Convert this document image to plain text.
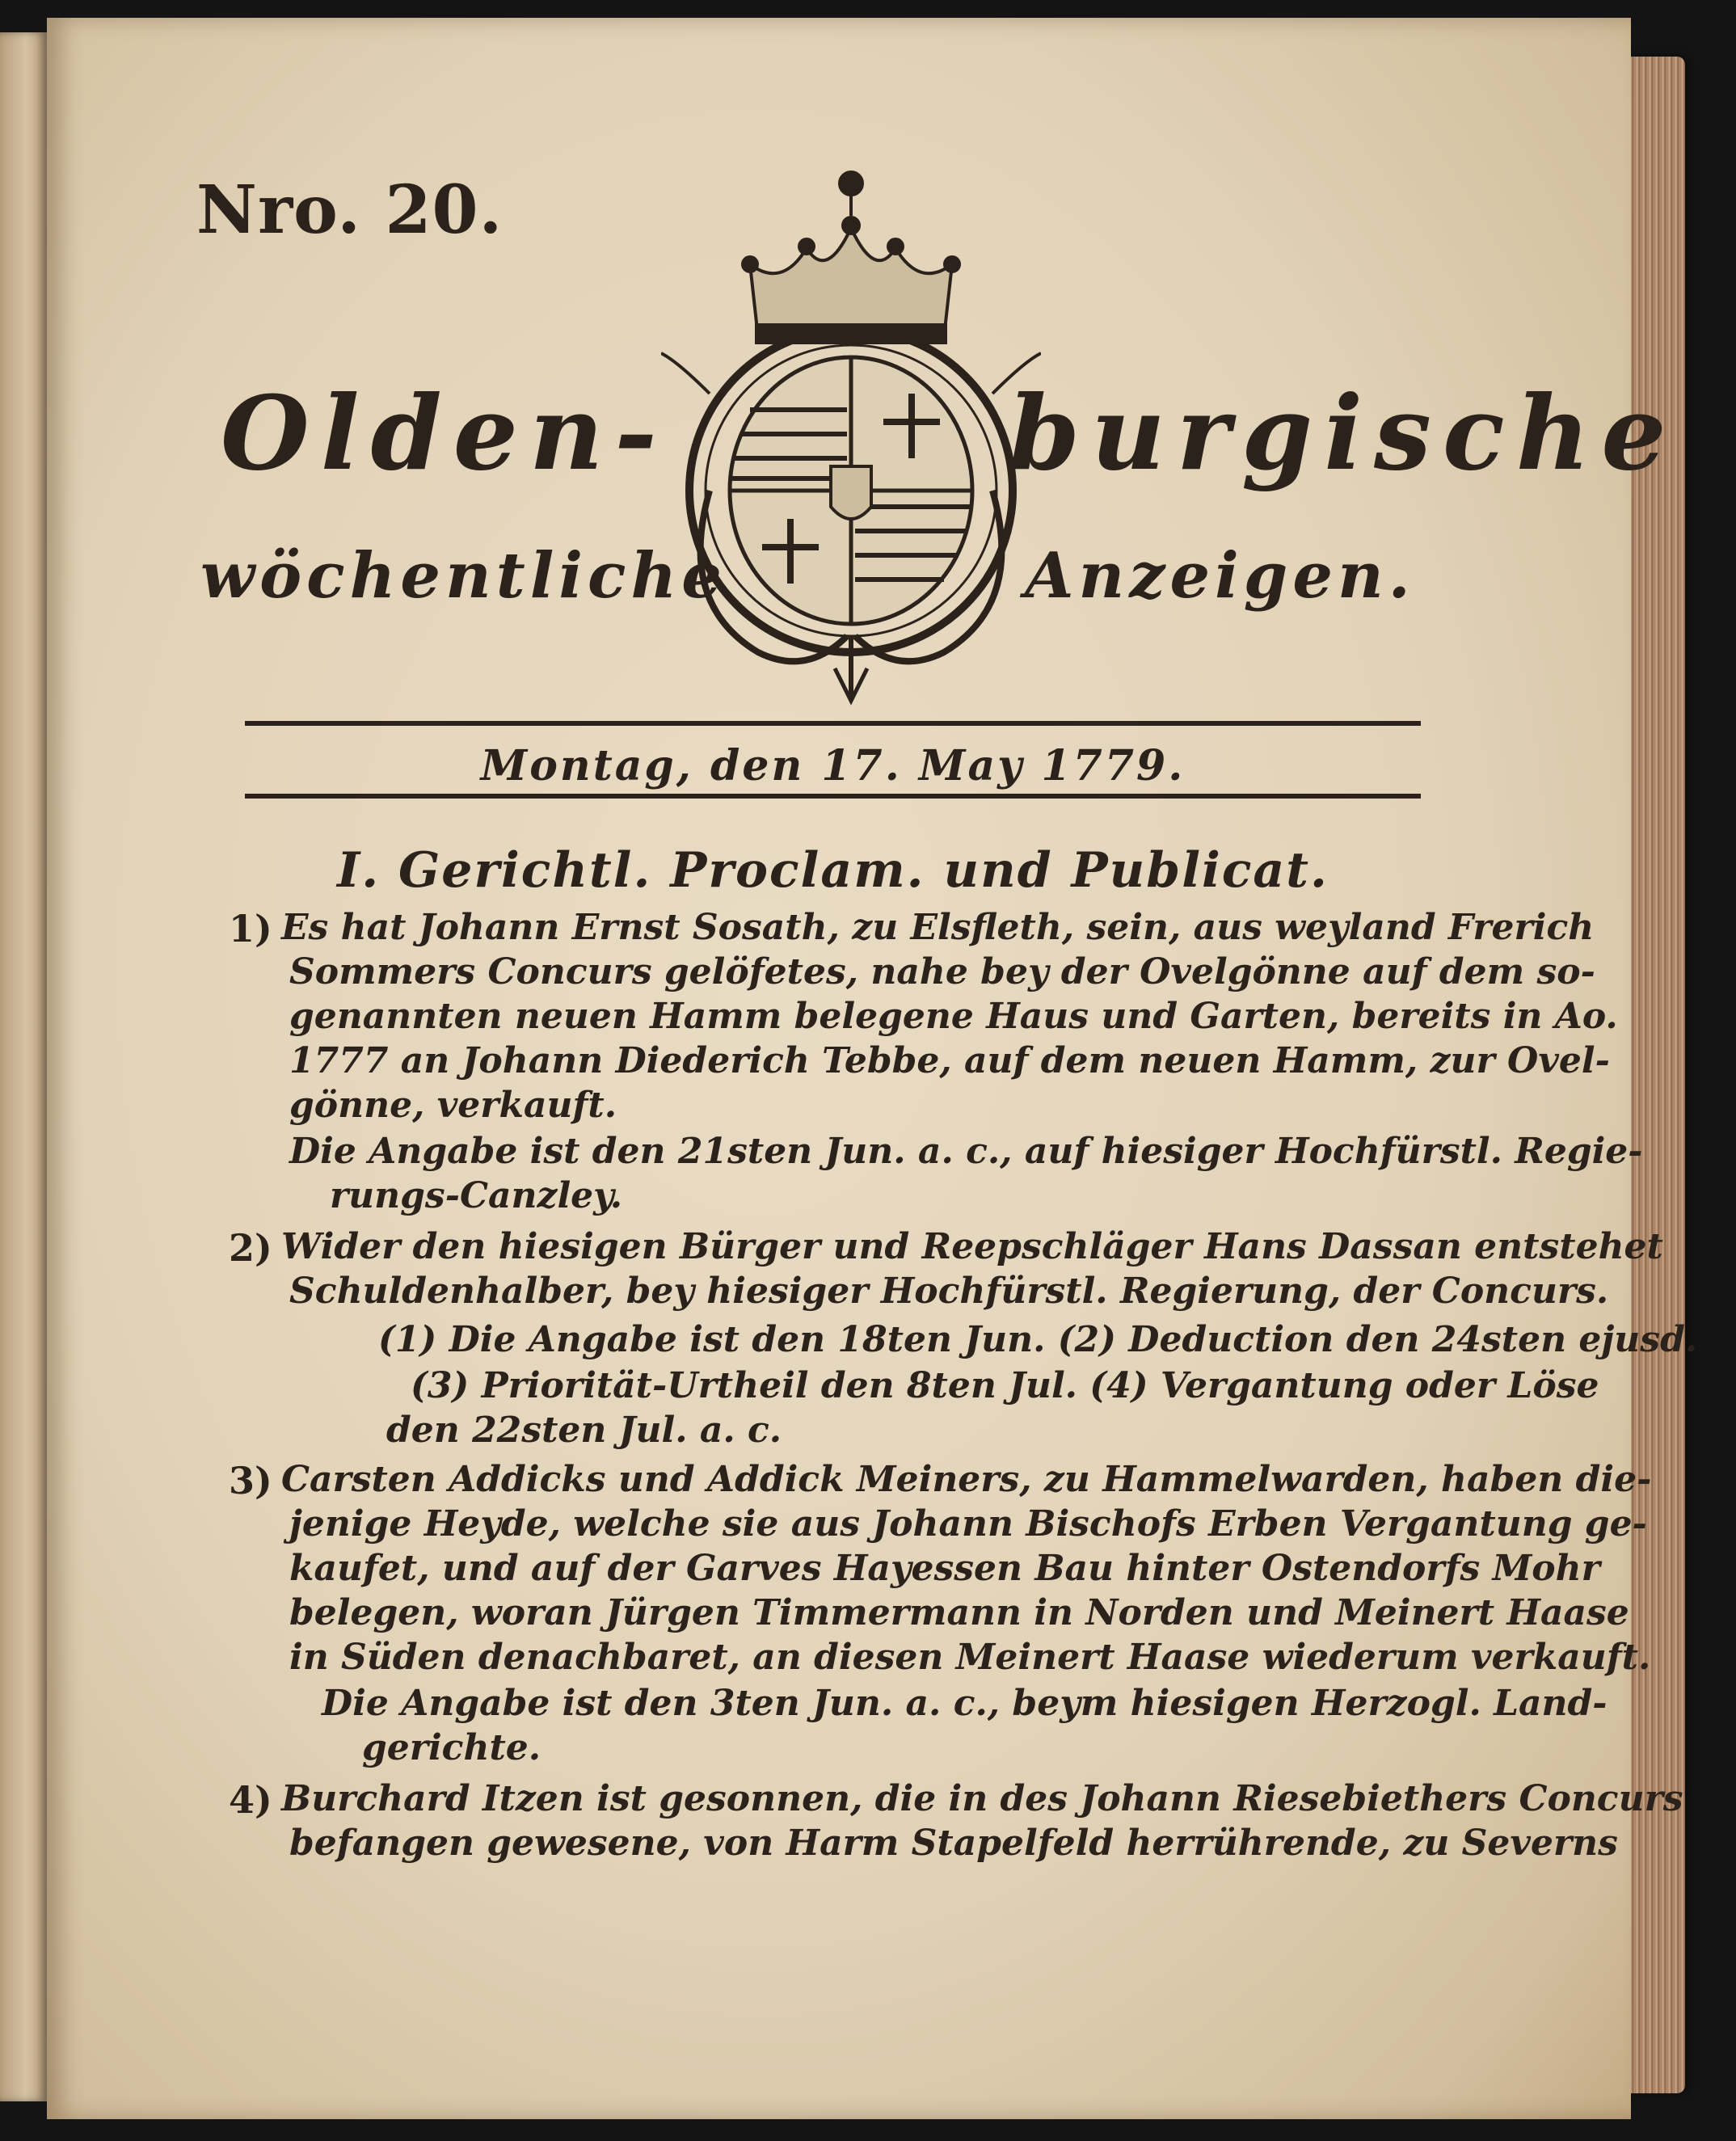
Nro. 20.
Olden-	burgische
wöchentliche	Anzeigen.
Montag, den 17. May 1779.
I. Gerichtl. Proclam. und Publicat.
1) Es hat Johann Ernst Sosath, zu Elsfleth, sein, aus weyland Frerich
Sommers Concurs gelöfetes, nahe bey der Ovelgönne auf dem so-
genannten neuen Hamm belegene Haus und Garten, bereits in Ao.
1777 an Johann Diederich Tebbe, auf dem neuen Hamm, zur Ovel-
gönne, verkauft.
Die Angabe ist den 21sten Jun. a. c., auf hiesiger Hochfürstl. Regie-
rungs-Canzley.
2) Wider den hiesigen Bürger und Reepschläger Hans Dassan entstehet
Schuldenhalber, bey hiesiger Hochfürstl. Regierung, der Concurs.
(1) Die Angabe ist den 18ten Jun. (2) Deduction den 24sten ejusd.
(3) Priorität-Urtheil den 8ten Jul. (4) Vergantung oder Löse
den 22sten Jul. a. c.
3) Carsten Addicks und Addick Meiners, zu Hammelwarden, haben die-
jenige Heyde, welche sie aus Johann Bischofs Erben Vergantung ge-
kaufet, und auf der Garves Hayessen Bau hinter Ostendorfs Mohr
belegen, woran Jürgen Timmermann in Norden und Meinert Haase
in Süden denachbaret, an diesen Meinert Haase wiederum verkauft.
Die Angabe ist den 3ten Jun. a. c., beym hiesigen Herzogl. Land-
gerichte.
4) Burchard Itzen ist gesonnen, die in des Johann Riesebiethers Concurs
befangen gewesene, von Harm Stapelfeld herrührende, zu Severns
